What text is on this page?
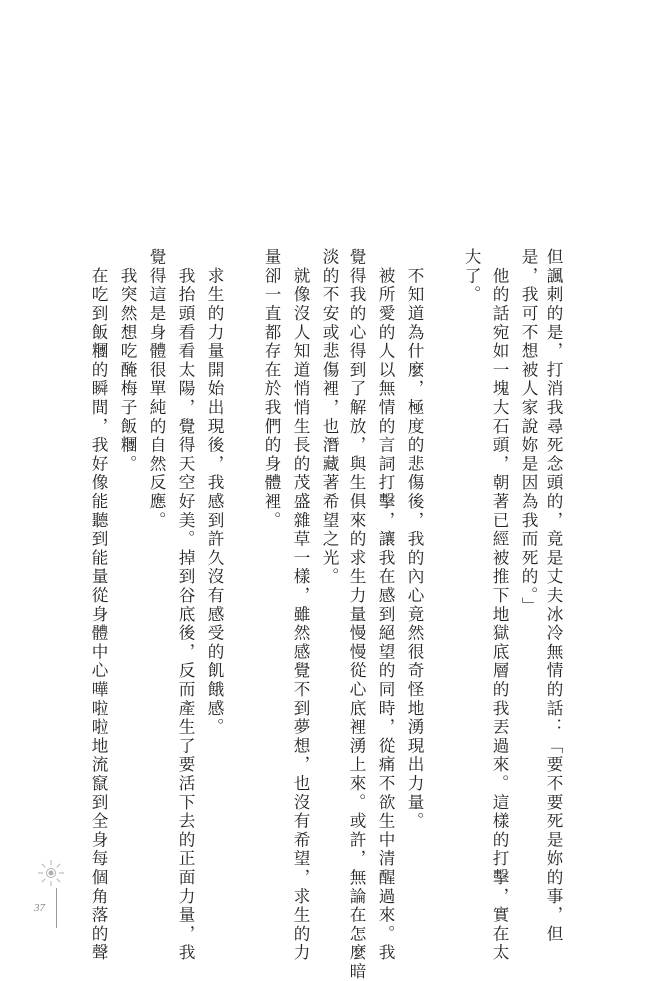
但諷刺的是，打消我尋死念頭的，竟是丈夫冰冷無情的話：「要不要死是妳的事，但

是，我可不想被人家說妳是因為我而死的。」

　他的話宛如一塊大石頭，朝著已經被推下地獄底層的我丟過來。這樣的打擊，實在太

大了。

　不知道為什麼，極度的悲傷後，我的內心竟然很奇怪地湧現出力量。

　被所愛的人以無情的言詞打擊，讓我在感到絕望的同時，從痛不欲生中清醒過來。我

覺得我的心得到了解放，與生俱來的求生力量慢慢從心底裡湧上來。或許，無論在怎麼暗

淡的不安或悲傷裡，也潛藏著希望之光。

　就像沒人知道悄悄生長的茂盛雜草一樣，雖然感覺不到夢想，也沒有希望，求生的力

量卻一直都存在於我們的身體裡。

　求生的力量開始出現後，我感到許久沒有感受的飢餓感。

　我抬頭看看太陽，覺得天空好美。掉到谷底後，反而產生了要活下去的正面力量，我

覺得這是身體很單純的自然反應。

　我突然想吃醃梅子飯糰。

　在吃到飯糰的瞬間，我好像能聽到能量從身體中心嘩啦啦地流竄到全身每個角落的聲

37
